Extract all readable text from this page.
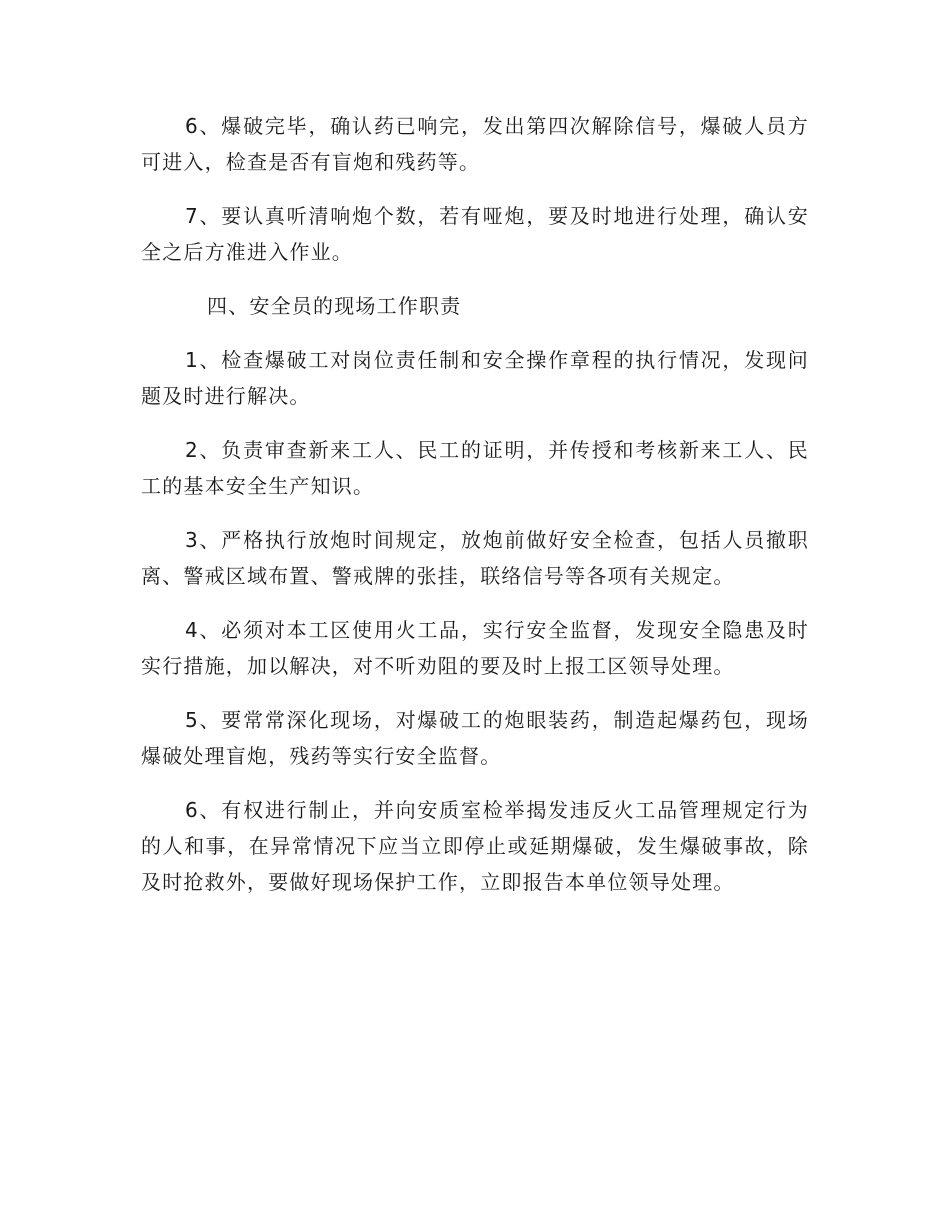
6、爆破完毕，确认药已响完，发出第四次解除信号，爆破人员方可进入，检查是否有盲炮和残药等。

7、要认真听清响炮个数，若有哑炮，要及时地进行处理，确认安全之后方准进入作业。

四、安全员的现场工作职责

1、检查爆破工对岗位责任制和安全操作章程的执行情况，发现问题及时进行解决。

2、负责审查新来工人、民工的证明，并传授和考核新来工人、民工的基本安全生产知识。

3、严格执行放炮时间规定，放炮前做好安全检查，包括人员撤职离、警戒区域布置、警戒牌的张挂，联络信号等各项有关规定。

4、必须对本工区使用火工品，实行安全监督，发现安全隐患及时实行措施，加以解决，对不听劝阻的要及时上报工区领导处理。

5、要常常深化现场，对爆破工的炮眼装药，制造起爆药包，现场爆破处理盲炮，残药等实行安全监督。

6、有权进行制止，并向安质室检举揭发违反火工品管理规定行为的人和事，在异常情况下应当立即停止或延期爆破，发生爆破事故，除及时抢救外，要做好现场保护工作，立即报告本单位领导处理。
